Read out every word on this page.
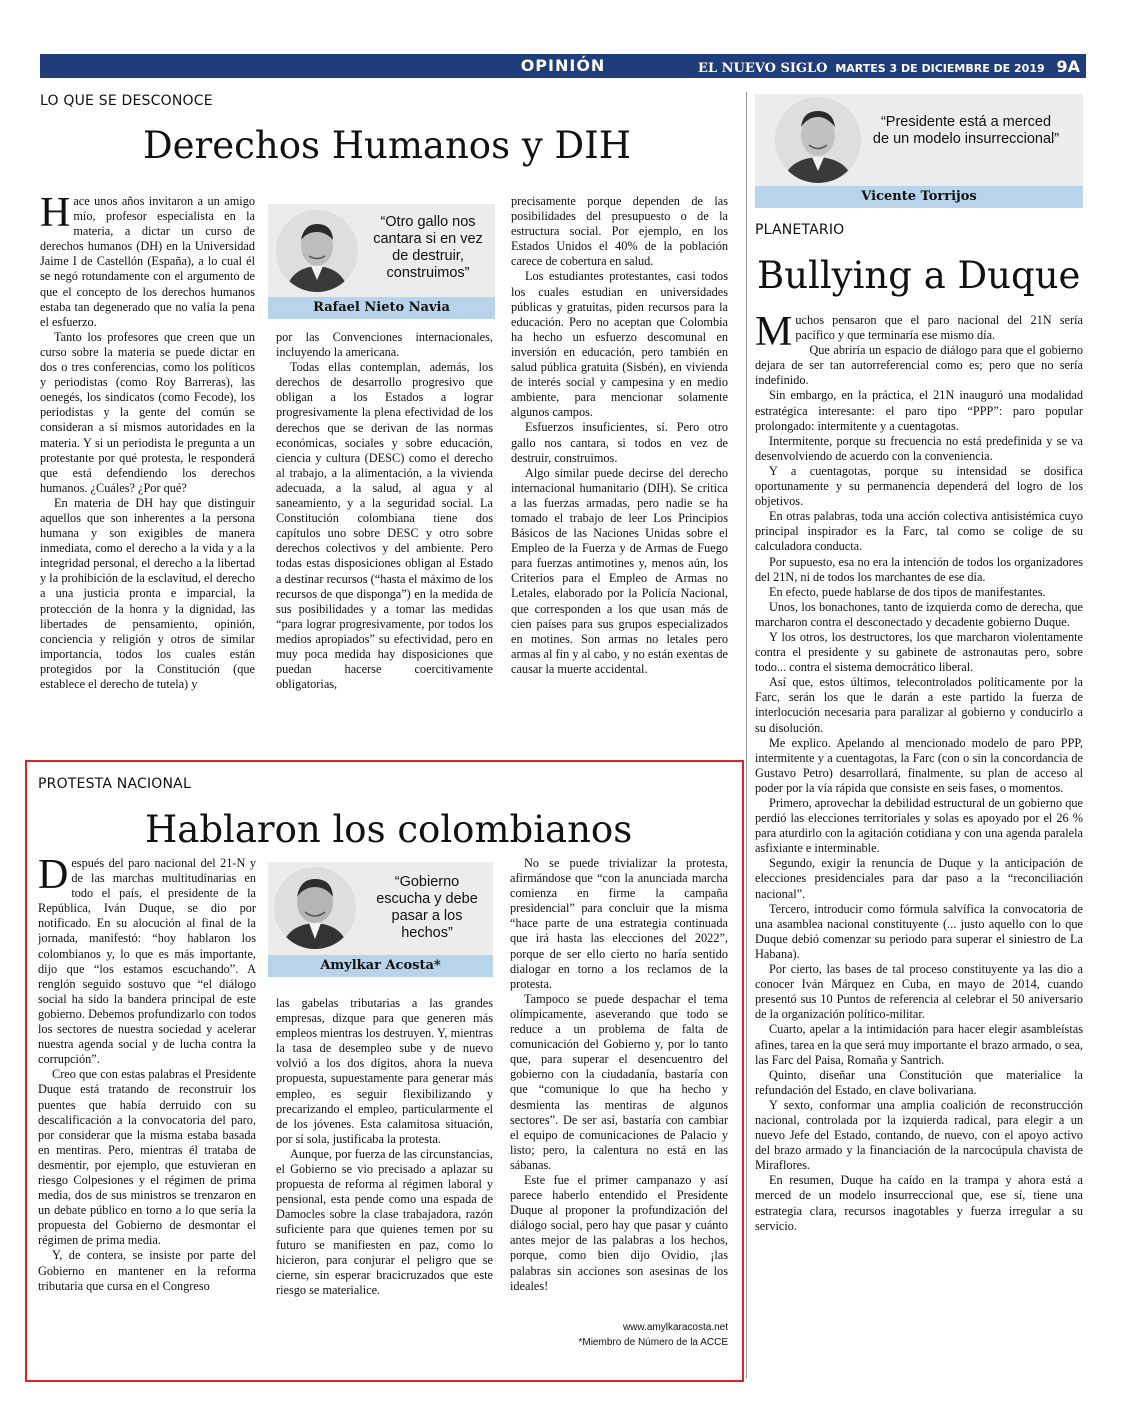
OPINIÓN	EL NUEVO SIGLO MARTES 3 DE DICIEMBRE DE 2019 9A
LO QUE SE DESCONOCE
Derechos Humanos y DIH

Hace unos años invitaron a un amigo mío, profesor especialista en la materia, a dictar un curso de derechos humanos (DH) en la Universidad Jaime I de Castellón (España), a lo cual él se negó rotundamente con el argumento de que el concepto de los derechos humanos estaba tan degenerado que no valía la pena el esfuerzo.

Tanto los profesores que creen que un curso sobre la materia se puede dictar en dos o tres conferencias, como los políticos y periodistas (como Roy Barreras), las oenegés, los sindicatos (como Fecode), los periodistas y la gente del común se consideran a sí mismos autoridades en la materia. Y si un periodista le pregunta a un protestante por qué protesta, le responderá que está defendiendo los derechos humanos. ¿Cuáles? ¿Por qué?

En materia de DH hay que distinguir aquellos que son inherentes a la persona humana y son exigibles de manera inmediata, como el derecho a la vida y a la integridad personal, el derecho a la libertad y la prohibición de la esclavitud, el derecho a una justicia pronta e imparcial, la protección de la honra y la dignidad, las libertades de pensamiento, opinión, conciencia y religión y otros de similar importancia, todos los cuales están protegidos por la Constitución (que establece el derecho de tutela) y

“Otro gallo nos cantara si en vez de destruir, construimos”
Rafael Nieto Navia

por las Convenciones internacionales, incluyendo la americana.

Todas ellas contemplan, además, los derechos de desarrollo progresivo que obligan a los Estados a lograr progresivamente la plena efectividad de los derechos que se derivan de las normas económicas, sociales y sobre educación, ciencia y cultura (DESC) como el derecho al trabajo, a la alimentación, a la vivienda adecuada, a la salud, al agua y al saneamiento, y a la seguridad social. La Constitución colombiana tiene dos capítulos uno sobre DESC y otro sobre derechos colectivos y del ambiente. Pero todas estas disposiciones obligan al Estado a destinar recursos (“hasta el máximo de los recursos de que disponga”) en la medida de sus posibilidades y a tomar las medidas “para lograr progresivamente, por todos los medios apropiados” su efectividad, pero en muy poca medida hay disposiciones que puedan hacerse coercitivamente obligatorias,

precisamente porque dependen de las posibilidades del presupuesto o de la estructura social. Por ejemplo, en los Estados Unidos el 40% de la población carece de cobertura en salud.

Los estudiantes protestantes, casi todos los cuales estudian en universidades públicas y gratuitas, piden recursos para la educación. Pero no aceptan que Colombia ha hecho un esfuerzo descomunal en inversión en educación, pero también en salud pública gratuita (Sisbén), en vivienda de interés social y campesina y en medio ambiente, para mencionar solamente algunos campos.

Esfuerzos insuficientes, sí. Pero otro gallo nos cantara, si todos en vez de destruir, construimos.

Algo similar puede decirse del derecho internacional humanitario (DIH). Se critica a las fuerzas armadas, pero nadie se ha tomado el trabajo de leer Los Principios Básicos de las Naciones Unidas sobre el Empleo de la Fuerza y de Armas de Fuego para fuerzas antimotines y, menos aún, los Criterios para el Empleo de Armas no Letales, elaborado por la Policía Nacional, que corresponden a los que usan más de cien países para sus grupos especializados en motines. Son armas no letales pero armas al fin y al cabo, y no están exentas de causar la muerte accidental.

PROTESTA NACIONAL
Hablaron los colombianos

Después del paro nacional del 21-N y de las marchas multitudinarias en todo el país, el presidente de la República, Iván Duque, se dio por notificado. En su alocución al final de la jornada, manifestó: “hoy hablaron los colombianos y, lo que es más importante, dijo que “los estamos escuchando”. A renglón seguido sostuvo que “el diálogo social ha sido la bandera principal de este gobierno. Debemos profundizarlo con todos los sectores de nuestra sociedad y acelerar nuestra agenda social y de lucha contra la corrupción”.

Creo que con estas palabras el Presidente Duque está tratando de reconstruir los puentes que había derruido con su descalificación a la convocatoria del paro, por considerar que la misma estaba basada en mentiras. Pero, mientras él trataba de desmentir, por ejemplo, que estuvieran en riesgo Colpesiones y el régimen de prima media, dos de sus ministros se trenzaron en un debate público en torno a lo que sería la propuesta del Gobierno de desmontar el régimen de prima media.

Y, de contera, se insiste por parte del Gobierno en mantener en la reforma tributaria que cursa en el Congreso

“Gobierno escucha y debe pasar a los hechos”
Amylkar Acosta*

las gabelas tributarias a las grandes empresas, dizque para que generen más empleos mientras los destruyen. Y, mientras la tasa de desempleo sube y de nuevo volvió a los dos dígitos, ahora la nueva propuesta, supuestamente para generar más empleo, es seguir flexibilizando y precarizando el empleo, particularmente el de los jóvenes. Esta calamitosa situación, por sí sola, justificaba la protesta.

Aunque, por fuerza de las circunstancias, el Gobierno se vio precisado a aplazar su propuesta de reforma al régimen laboral y pensional, esta pende como una espada de Damocles sobre la clase trabajadora, razón suficiente para que quienes temen por su futuro se manifiesten en paz, como lo hicieron, para conjurar el peligro que se cierne, sin esperar bracicruzados que este riesgo se materialice.

No se puede trivializar la protesta, afirmándose que “con la anunciada marcha comienza en firme la campaña presidencial” para concluir que la misma “hace parte de una estrategia continuada que irá hasta las elecciones del 2022”, porque de ser ello cierto no haría sentido dialogar en torno a los reclamos de la protesta.

Tampoco se puede despachar el tema olímpicamente, aseverando que todo se reduce a un problema de falta de comunicación del Gobierno y, por lo tanto que, para superar el desencuentro del gobierno con la ciudadanía, bastaría con que “comunique lo que ha hecho y desmienta las mentiras de algunos sectores”. De ser así, bastaría con cambiar el equipo de comunicaciones de Palacio y listo; pero, la calentura no está en las sábanas.

Este fue el primer campanazo y así parece haberlo entendido el Presidente Duque al proponer la profundización del diálogo social, pero hay que pasar y cuánto antes mejor de las palabras a los hechos, porque, como bien dijo Ovidio, ¡las palabras sin acciones son asesinas de los ideales!

www.amylkaracosta.net
*Miembro de Número de la ACCE
“Presidente está a merced de un modelo insurreccional”
Vicente Torrijos
PLANETARIO
Bullying a Duque

Muchos pensaron que el paro nacional del 21N sería pacífico y que terminaría ese mismo día.

Que abriría un espacio de diálogo para que el gobierno dejara de ser tan autorreferencial como es; pero que no sería indefinido.

Sin embargo, en la práctica, el 21N inauguró una modalidad estratégica interesante: el paro tipo “PPP”: paro popular prolongado: intermitente y a cuentagotas.

Intermitente, porque su frecuencia no está predefinida y se va desenvolviendo de acuerdo con la conveniencia.

Y a cuentagotas, porque su intensidad se dosifica oportunamente y su permanencia dependerá del logro de los objetivos.

En otras palabras, toda una acción colectiva antisistémica cuyo principal inspirador es la Farc, tal como se colige de su calculadora conducta.

Por supuesto, esa no era la intención de todos los organizadores del 21N, ni de todos los marchantes de ese día.

En efecto, puede hablarse de dos tipos de manifestantes.

Unos, los bonachones, tanto de izquierda como de derecha, que marcharon contra el desconectado y decadente gobierno Duque.

Y los otros, los destructores, los que marcharon violentamente contra el presidente y su gabinete de astronautas pero, sobre todo... contra el sistema democrático liberal.

Así que, estos últimos, telecontrolados políticamente por la Farc, serán los que le darán a este partido la fuerza de interlocución necesaria para paralizar al gobierno y conducirlo a su disolución.

Me explico. Apelando al mencionado modelo de paro PPP, intermitente y a cuentagotas, la Farc (con o sin la concordancia de Gustavo Petro) desarrollará, finalmente, su plan de acceso al poder por la vía rápida que consiste en seis fases, o momentos.

Primero, aprovechar la debilidad estructural de un gobierno que perdió las elecciones territoriales y solas es apoyado por el 26 % para aturdirlo con la agitación cotidiana y con una agenda paralela asfixiante e interminable.

Segundo, exigir la renuncia de Duque y la anticipación de elecciones presidenciales para dar paso a la “reconciliación nacional”.

Tercero, introducir como fórmula salvífica la convocatoria de una asamblea nacional constituyente (... justo aquello con lo que Duque debió comenzar su periodo para superar el siniestro de La Habana).

Por cierto, las bases de tal proceso constituyente ya las dio a conocer Iván Márquez en Cuba, en mayo de 2014, cuando presentó sus 10 Puntos de referencia al celebrar el 50 aniversario de la organización político-militar.

Cuarto, apelar a la intimidación para hacer elegir asambleístas afines, tarea en la que será muy importante el brazo armado, o sea, las Farc del Paisa, Romaña y Santrich.

Quinto, diseñar una Constitución que materialice la refundación del Estado, en clave bolivariana.

Y sexto, conformar una amplia coalición de reconstrucción nacional, controlada por la izquierda radical, para elegir a un nuevo Jefe del Estado, contando, de nuevo, con el apoyo activo del brazo armado y la financiación de la narcocúpula chavista de Miraflores.

En resumen, Duque ha caído en la trampa y ahora está a merced de un modelo insurreccional que, ese sí, tiene una estrategia clara, recursos inagotables y fuerza irregular a su servicio.
